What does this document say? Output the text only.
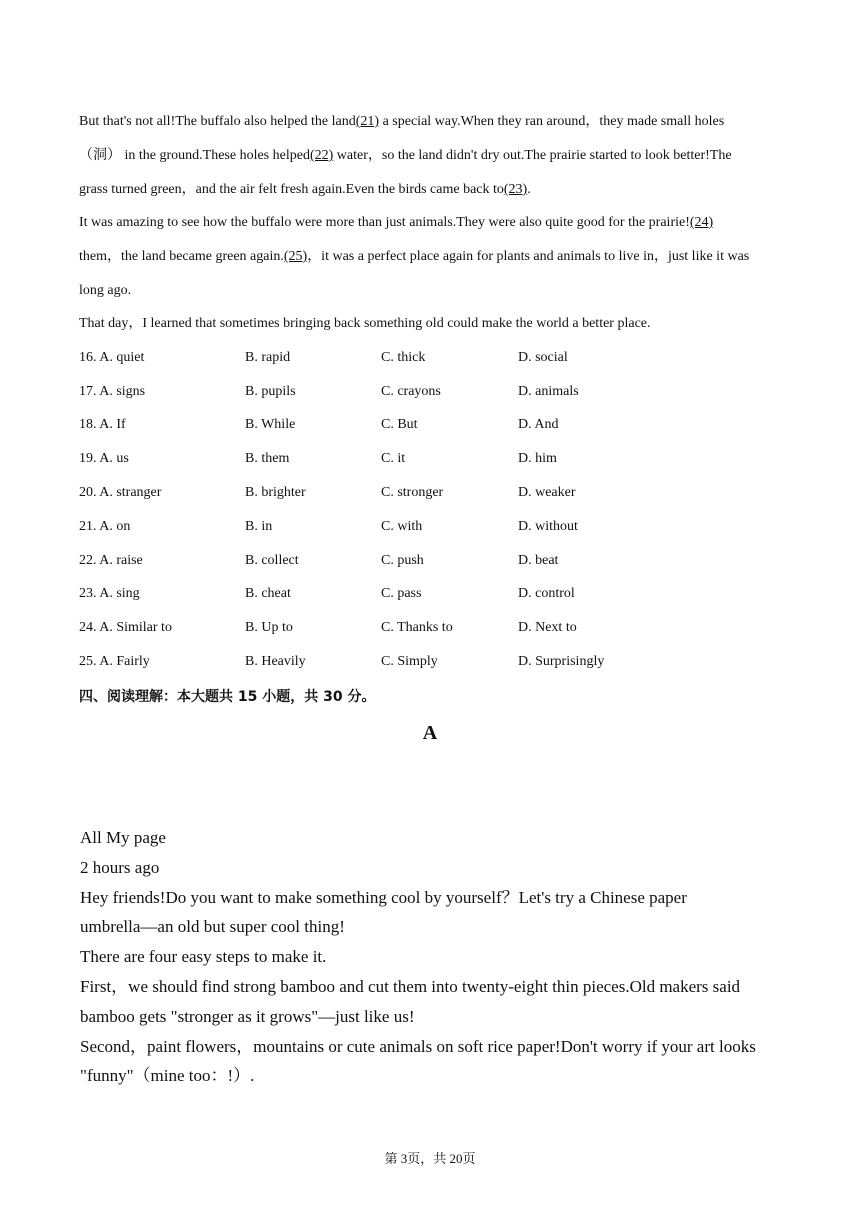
But that's not all!The buffalo also helped the land(21) a special way.When they ran around，they made small holes
（洞） in the ground.These holes helped(22) water，so the land didn't dry out.The prairie started to look better!The
grass turned green，and the air felt fresh again.Even the birds came back to(23).
It was amazing to see how the buffalo were more than just animals.They were also quite good for the prairie!(24)
them，the land became green again.(25)，it was a perfect place again for plants and animals to live in，just like it was
long ago.
That day，I learned that sometimes bringing back something old could make the world a better place.
16. A. quiet	B. rapid	C. thick	D. social
17. A. signs	B. pupils	C. crayons	D. animals
18. A. If	B. While	C. But	D. And
19. A. us	B. them	C. it	D. him
20. A. stranger	B. brighter	C. stronger	D. weaker
21. A. on	B. in	C. with	D. without
22. A. raise	B. collect	C. push	D. beat
23. A. sing	B. cheat	C. pass	D. control
24. A. Similar to	B. Up to	C. Thanks to	D. Next to
25. A. Fairly	B. Heavily	C. Simply	D. Surprisingly
四、阅读理解：本大题共 15 小题，共 30 分。
A
All My page
2 hours ago
Hey friends!Do you want to make something cool by yourself？Let's try a Chinese paper
umbrella—an old but super cool thing!
There are four easy steps to make it.
First，we should find strong bamboo and cut them into twenty-eight thin pieces.Old makers said
bamboo gets "stronger as it grows"—just like us!
Second，paint flowers，mountains or cute animals on soft rice paper!Don't worry if your art looks
"funny"（mine too：!）.
第 3页，共 20页
